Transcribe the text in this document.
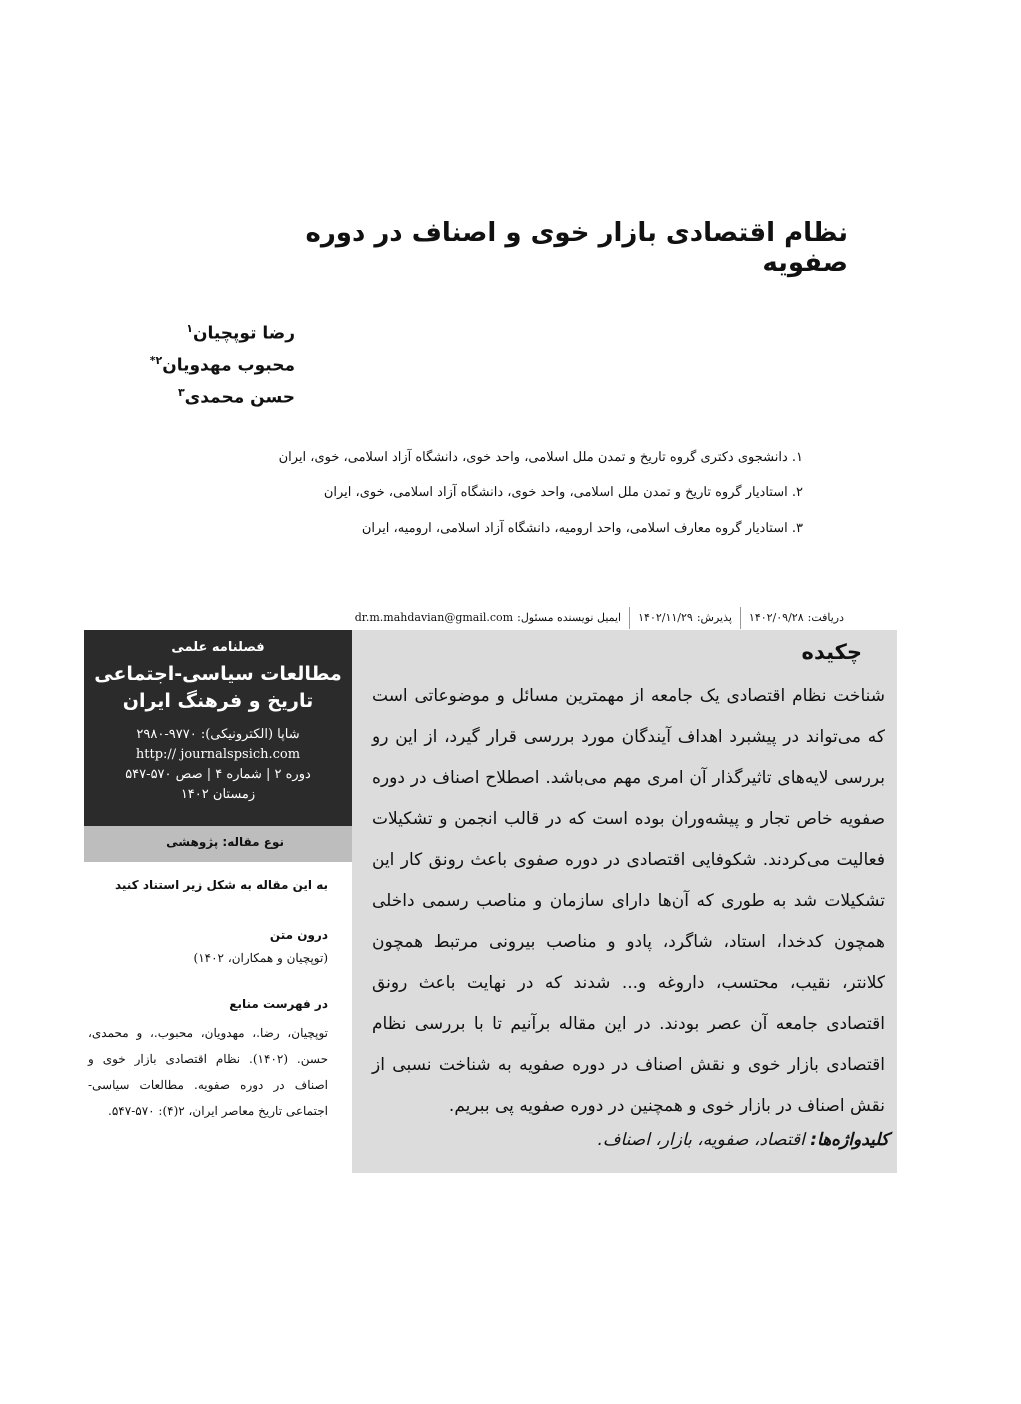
نظام اقتصادی بازار خوی و اصناف در دوره صفویه
رضا توپچیان$^۱$
محبوب مهدویان$^{۲*}$
حسن محمدی$^۳$
۱. دانشجوی دکتری گروه تاریخ و تمدن ملل اسلامی، واحد خوی، دانشگاه آزاد اسلامی، خوی، ایران
۲. استادیار گروه تاریخ و تمدن ملل اسلامی، واحد خوی، دانشگاه آزاد اسلامی، خوی، ایران
۳. استادیار گروه معارف اسلامی، واحد ارومیه، دانشگاه آزاد اسلامی، ارومیه، ایران
دریافت:۱۴۰۲/۰۹/۲۸
پذیرش:۱۴۰۲/۱۱/۲۹
ایمیل نویسنده مسئول:dr.m.mahdavian@gmail.com
چکیده
شناخت نظام اقتصادی یک جامعه از مهمترین مسائل و موضوعاتی است که می‌تواند در پیشبرد اهداف آیندگان مورد بررسی قرار گیرد، از این رو بررسی لایه‌های تاثیرگذار آن امری مهم می‌باشد. اصطلاح اصناف در دوره صفویه خاص تجار و پیشه‌وران بوده است که در قالب انجمن و تشکیلات فعالیت می‌کردند. شکوفایی اقتصادی در دوره صفوی باعث رونق کار این تشکیلات شد به طوری که آن‌ها دارای سازمان و مناصب رسمی داخلی همچون کدخدا، استاد، شاگرد، پادو و مناصب بیرونی مرتبط همچون کلانتر، نقیب، محتسب، داروغه و... شدند که در نهایت باعث رونق اقتصادی جامعه آن عصر بودند. در این مقاله برآنیم تا با بررسی نظام اقتصادی بازار خوی و نقش اصناف در دوره صفویه به شناخت نسبی از نقش اصناف در بازار خوی و همچنین در دوره صفویه پی ببریم.
کلیدواژه‌ها: اقتصاد، صفویه، بازار، اصناف.
فصلنامه علمی
مطالعات سیاسی-اجتماعی
تاریخ و فرهنگ ایران
شاپا (الکترونیکی): ۹۷۷۰-۲۹۸۰
http:// journalspsich.com
دوره ۲ | شماره ۴ | صص ۵۷۰-۵۴۷
زمستان ۱۴۰۲
نوع مقاله: پژوهشی
به این مقاله به شکل زیر استناد کنید
درون متن
(توپچیان و همکاران، ۱۴۰۲)
در فهرست منابع
توپچیان، رضا.، مهدویان، محبوب.، و محمدی، حسن. (۱۴۰۲). نظام اقتصادی بازار خوی و اصناف در دوره صفویه. مطالعات سیاسی-اجتماعی تاریخ معاصر ایران، ۲(۴): ۵۷۰-۵۴۷.
